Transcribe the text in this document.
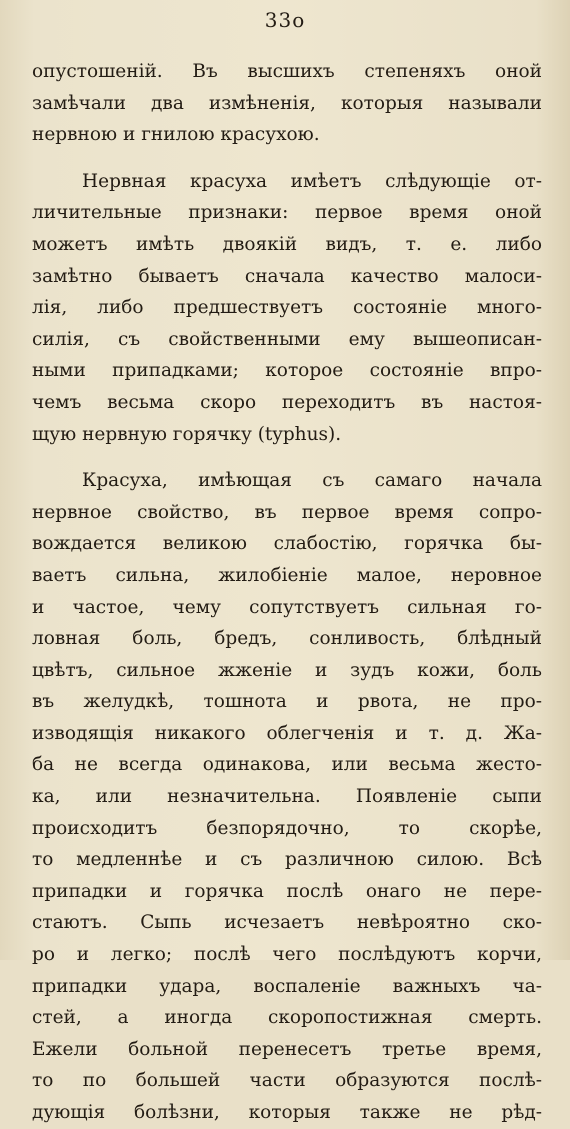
33о
опустошеній. Въ высшихъ степеняхъ оной
замѣчали два измѣненія, которыя называли
нервною и гнилою красухою.
Нервная красуха имѣетъ слѣдующіе от-
личительные признаки: первое время оной
можетъ имѣть двоякій видъ, т. е. либо
замѣтно бываетъ сначала качество малоси-
лія, либо предшествуетъ состояніе многo-
силія, съ свойственными ему вышеописан-
ными припадками; которое состояніе впро-
чемъ весьма скоро переходитъ въ настоя-
щую нервную горячку (typhus).
Красуха, имѣющая съ самаго начала
нервное свойство, въ первое время сопро-
вождается великою слабостію, горячка бы-
ваетъ сильна, жилобіеніе малое, неровное
и частое, чему сопутствуетъ сильная го-
ловная боль, бредъ, сонливость, блѣдный
цвѣтъ, сильное жженіе и зудъ кожи, боль
въ желудкѣ, тошнота и рвота, не про-
изводящія никакого облегченія и т. д. Жа-
ба не всегда одинакова, или весьма жесто-
ка, или незначительна. Появленіе сыпи
происходитъ безпорядочно, то скорѣе,
то медленнѣе и съ различною силою. Всѣ
припадки и горячка послѣ онаго не пере-
стаютъ. Сыпь исчезаетъ невѣроятно ско-
ро и легко; послѣ чего послѣдуютъ корчи,
припадки удара, воспаленіе важныхъ ча-
стей, а иногда скоропостижная смерть.
Ежели больной перенесетъ третье время,
то по большей части образуются послѣ-
дующія болѣзни, которыя также не рѣд-
